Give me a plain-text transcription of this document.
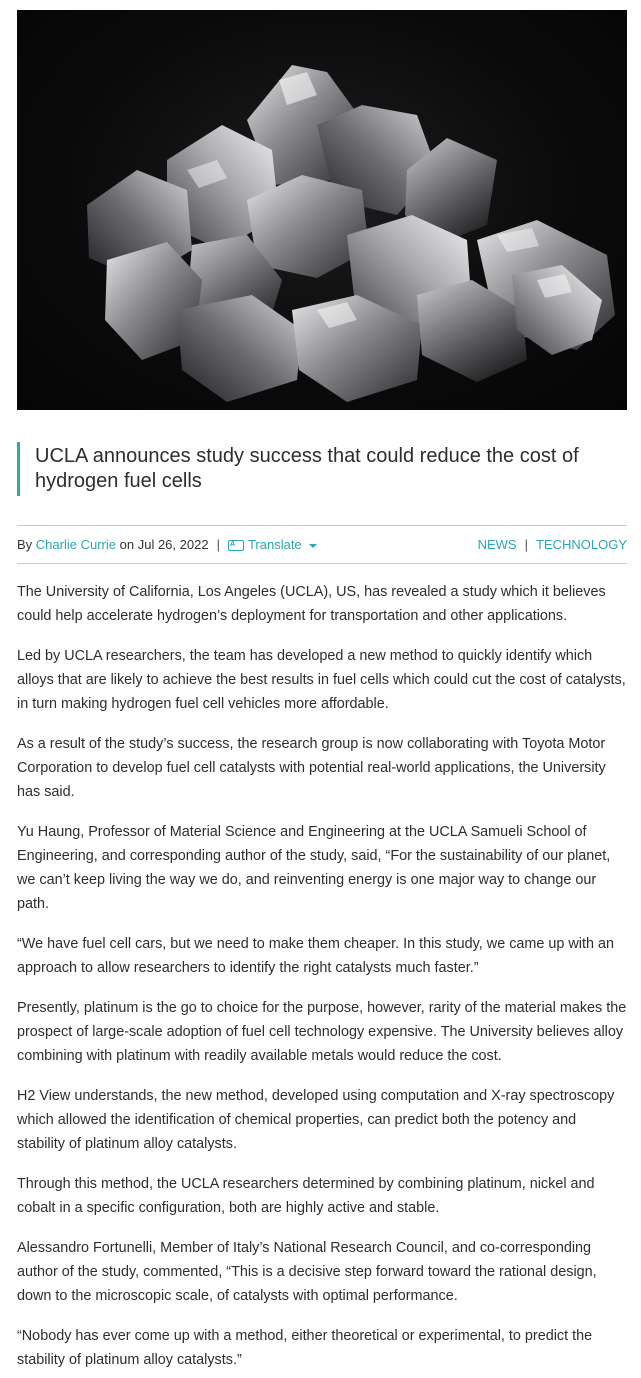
UCLA announces study success that could reduce the cost of hydrogen fuel cells
By
Charlie Currie
on
Jul 26, 2022 | A Translate	NEWS | TECHNOLOGY

The University of California, Los Angeles (UCLA), US, has revealed a study which it believes could help accelerate hydrogen’s deployment for transportation and other applications.

Led by UCLA researchers, the team has developed a new method to quickly identify which alloys that are likely to achieve the best results in fuel cells which could cut the cost of catalysts, in turn making hydrogen fuel cell vehicles more affordable.

As a result of the study’s success, the research group is now collaborating with Toyota Motor Corporation to develop fuel cell catalysts with potential real-world applications, the University has said.

Yu Haung, Professor of Material Science and Engineering at the UCLA Samueli School of Engineering, and corresponding author of the study, said, “For the sustainability of our planet, we can’t keep living the way we do, and reinventing energy is one major way to change our path.

“We have fuel cell cars, but we need to make them cheaper. In this study, we came up with an approach to allow researchers to identify the right catalysts much faster.”

Presently, platinum is the go to choice for the purpose, however, rarity of the material makes the prospect of large-scale adoption of fuel cell technology expensive. The University believes alloy combining with platinum with readily available metals would reduce the cost.

H2 View understands, the new method, developed using computation and X-ray spectroscopy which allowed the identification of chemical properties, can predict both the potency and stability of platinum alloy catalysts.

Through this method, the UCLA researchers determined by combining platinum, nickel and cobalt in a specific configuration, both are highly active and stable.

Alessandro Fortunelli, Member of Italy’s National Research Council, and co-corresponding author of the study, commented, “This is a decisive step forward toward the rational design, down to the microscopic scale, of catalysts with optimal performance.

“Nobody has ever come up with a method, either theoretical or experimental, to predict the stability of platinum alloy catalysts.”
